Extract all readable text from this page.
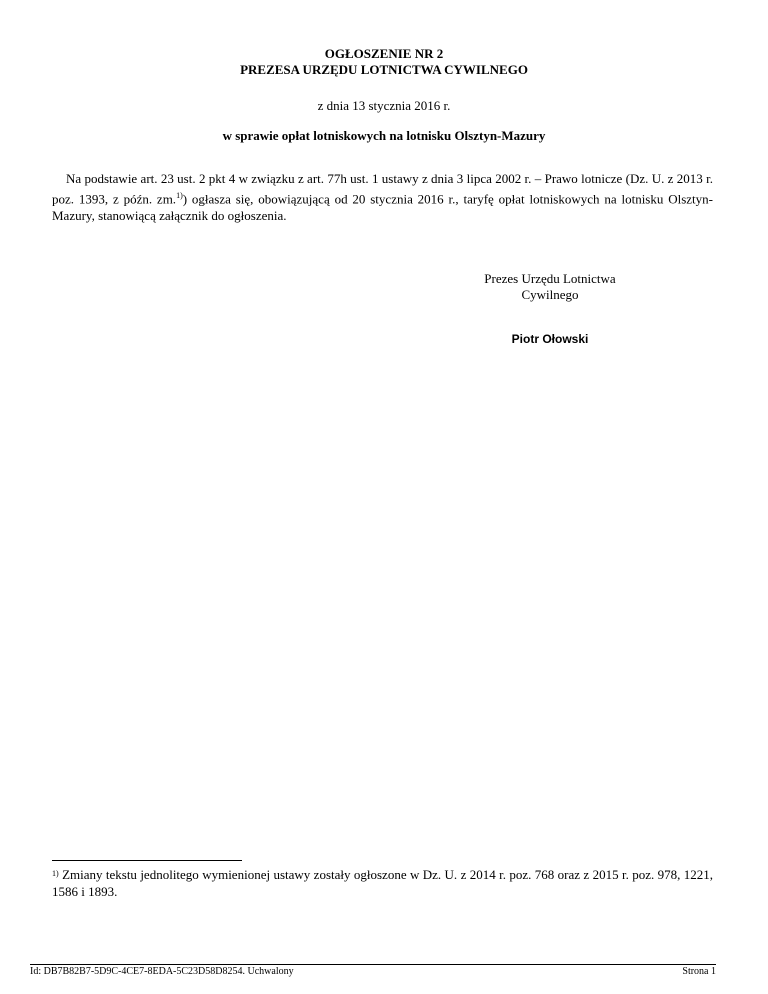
OGŁOSZENIE NR 2
PREZESA URZĘDU LOTNICTWA CYWILNEGO
z dnia 13 stycznia 2016 r.
w sprawie opłat lotniskowych na lotnisku Olsztyn-Mazury
Na podstawie art. 23 ust. 2 pkt 4 w związku z art. 77h ust. 1 ustawy z dnia 3 lipca 2002 r. – Prawo lotnicze (Dz. U. z 2013 r. poz. 1393, z późn. zm.$^{1)}$) ogłasza się, obowiązującą od 20 stycznia 2016 r., taryfę opłat lotniskowych na lotnisku Olsztyn-Mazury, stanowiącą załącznik do ogłoszenia.
Prezes Urzędu Lotnictwa
Cywilnego
Piotr Ołowski
$^{1)}$ Zmiany tekstu jednolitego wymienionej ustawy zostały ogłoszone w Dz. U. z 2014 r. poz. 768 oraz z 2015 r. poz. 978, 1221, 1586 i 1893.
Id: DB7B82B7-5D9C-4CE7-8EDA-5C23D58D8254. Uchwalony	Strona 1
